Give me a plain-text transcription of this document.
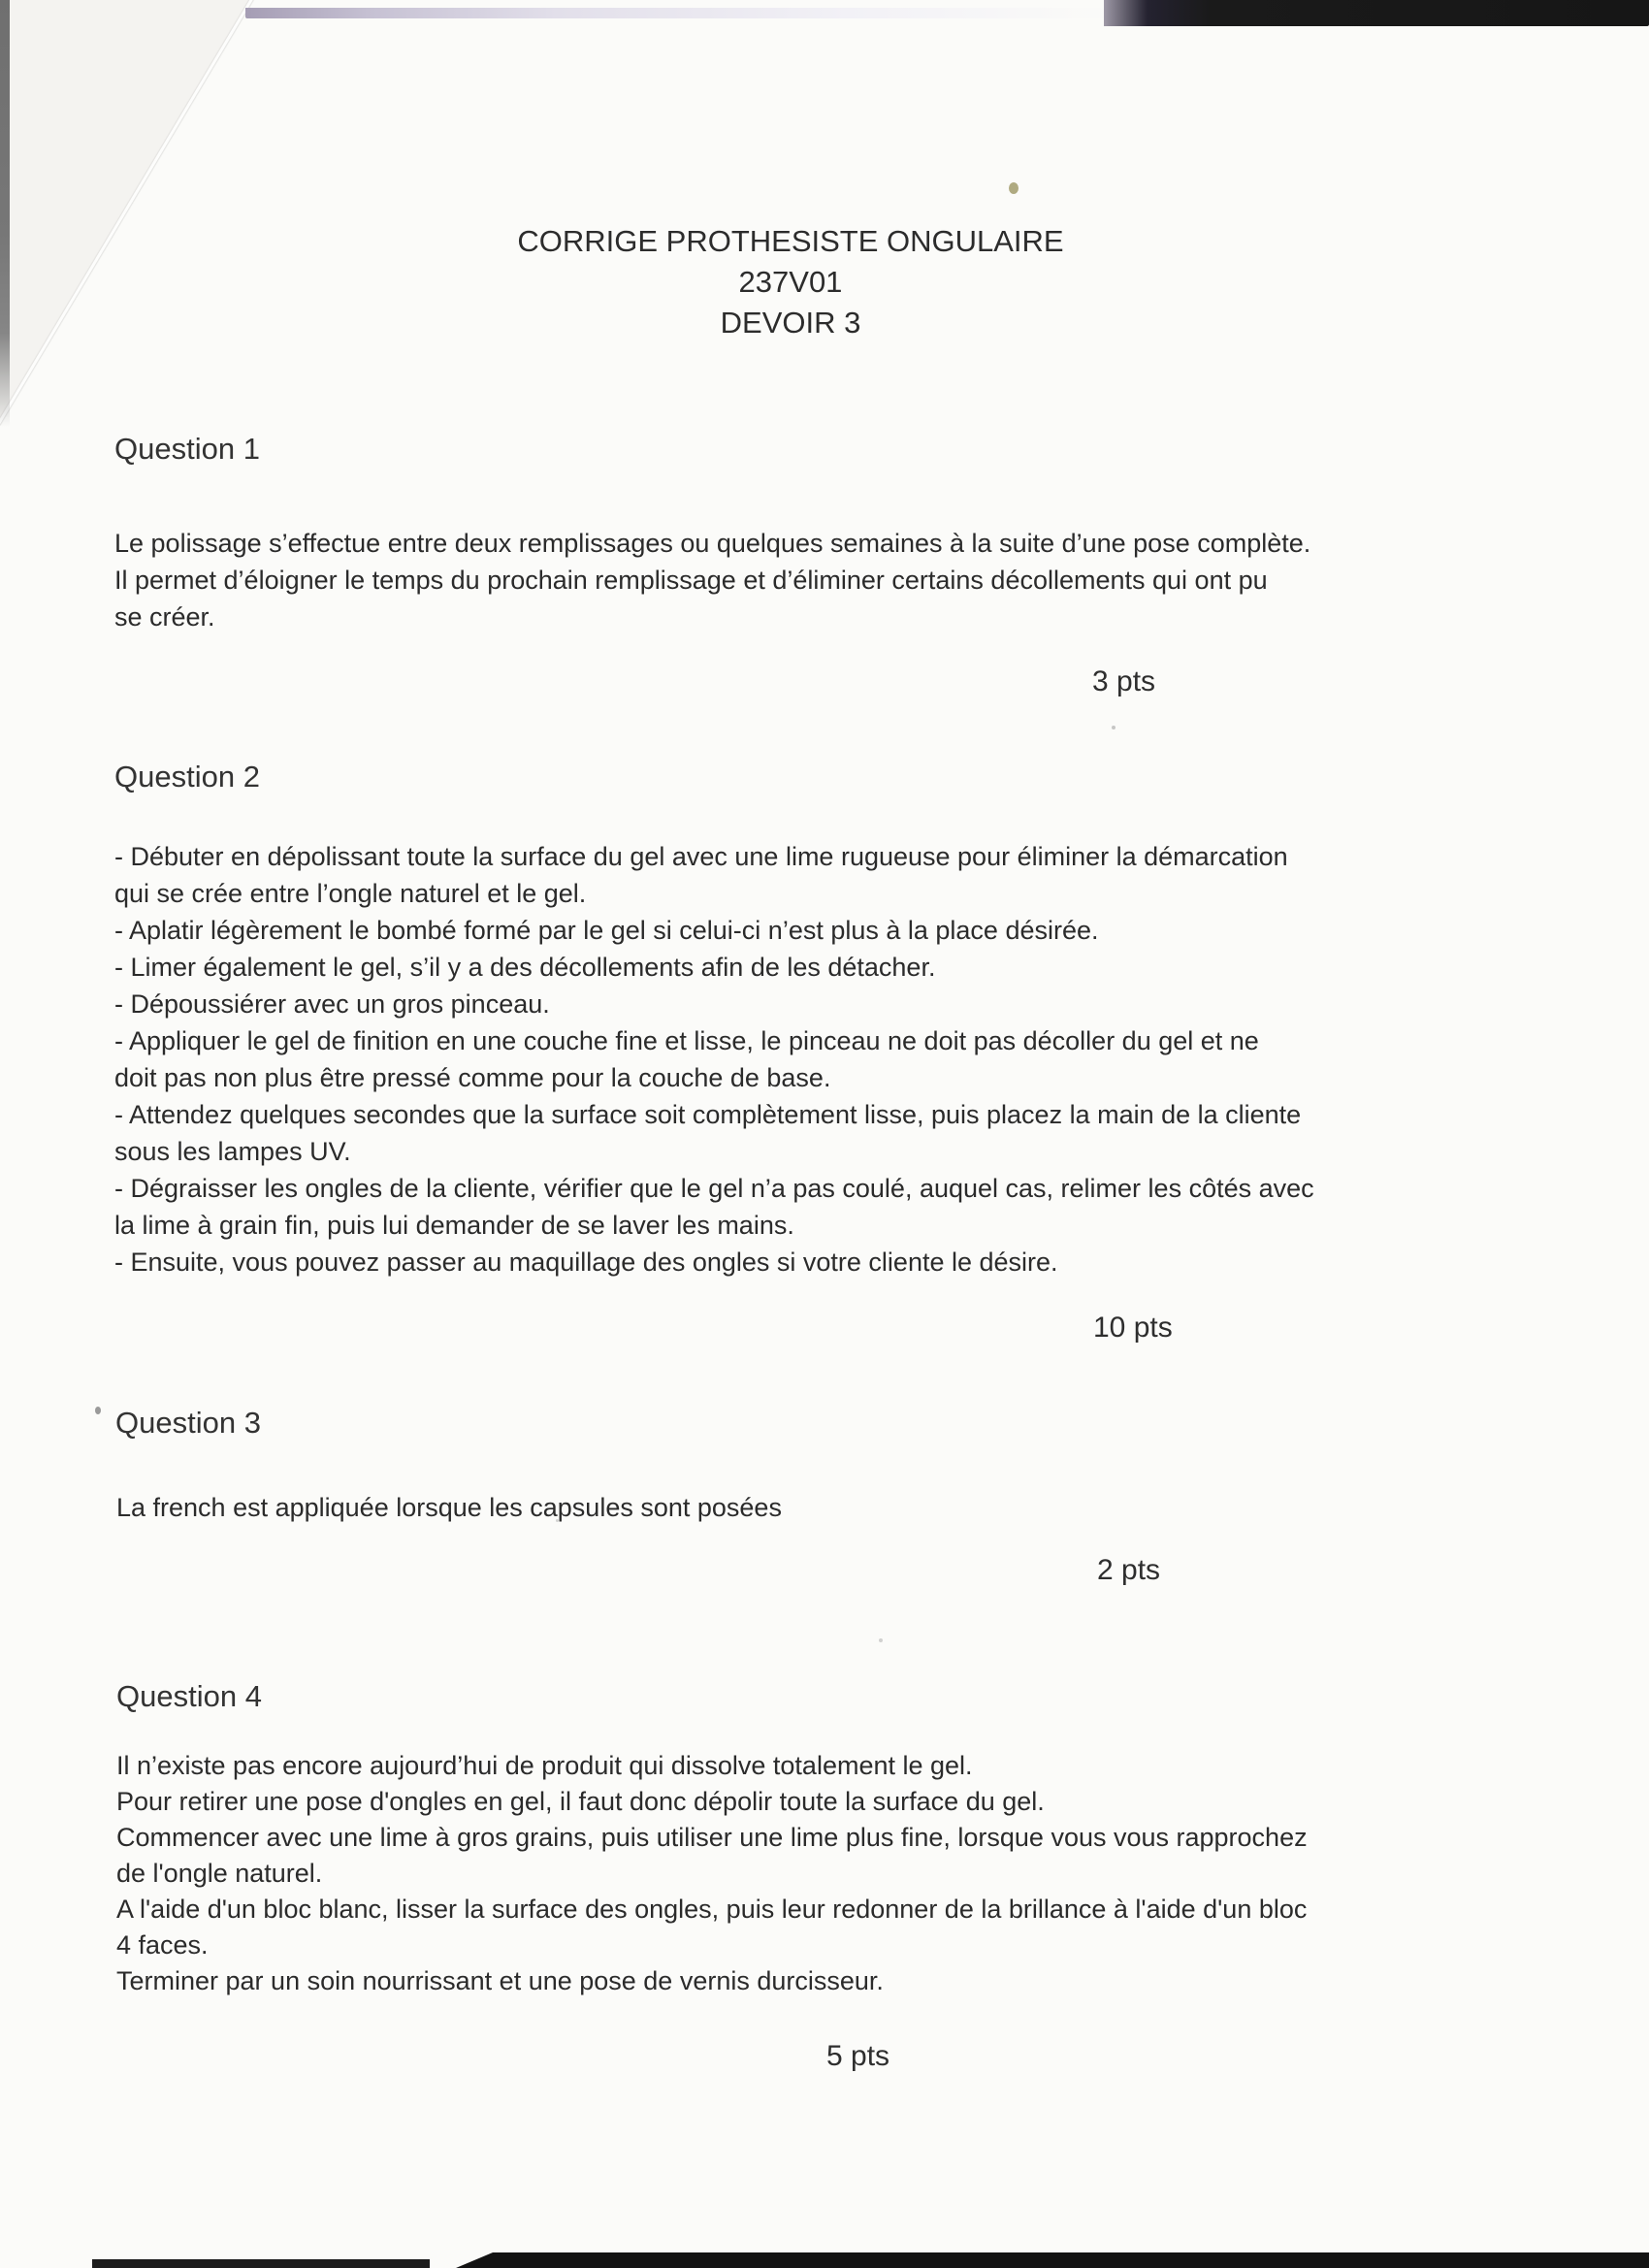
CORRIGE PROTHESISTE ONGULAIRE
237V01
DEVOIR 3
Question 1
Le polissage s’effectue entre deux remplissages ou quelques semaines à la suite d’une pose complète.
Il permet d’éloigner le temps du prochain remplissage et d’éliminer certains décollements qui ont pu
se créer.
3 pts
Question 2
- Débuter en dépolissant toute la surface du gel avec une lime rugueuse pour éliminer la démarcation
qui se crée entre l’ongle naturel et le gel.
- Aplatir légèrement le bombé formé par le gel si celui-ci n’est plus à la place désirée.
- Limer également le gel, s’il y a des décollements afin de les détacher.
- Dépoussiérer avec un gros pinceau.
- Appliquer le gel de finition en une couche fine et lisse, le pinceau ne doit pas décoller du gel et ne
doit pas non plus être pressé comme pour la couche de base.
- Attendez quelques secondes que la surface soit complètement lisse, puis placez la main de la cliente
sous les lampes UV.
- Dégraisser les ongles de la cliente, vérifier que le gel n’a pas coulé, auquel cas, relimer les côtés avec
la lime à grain fin, puis lui demander de se laver les mains.
- Ensuite, vous pouvez passer au maquillage des ongles si votre cliente le désire.
10 pts
Question 3
La french est appliquée lorsque les capsules sont posées
2 pts
Question 4
Il n’existe pas encore aujourd’hui de produit qui dissolve totalement le gel.
Pour retirer une pose d'ongles en gel, il faut donc dépolir toute la surface du gel.
Commencer avec une lime à gros grains, puis utiliser une lime plus fine, lorsque vous vous rapprochez
de l'ongle naturel.
A l'aide d'un bloc blanc, lisser la surface des ongles, puis leur redonner de la brillance à l'aide d'un bloc
4 faces.
Terminer par un soin nourrissant et une pose de vernis durcisseur.
5 pts
